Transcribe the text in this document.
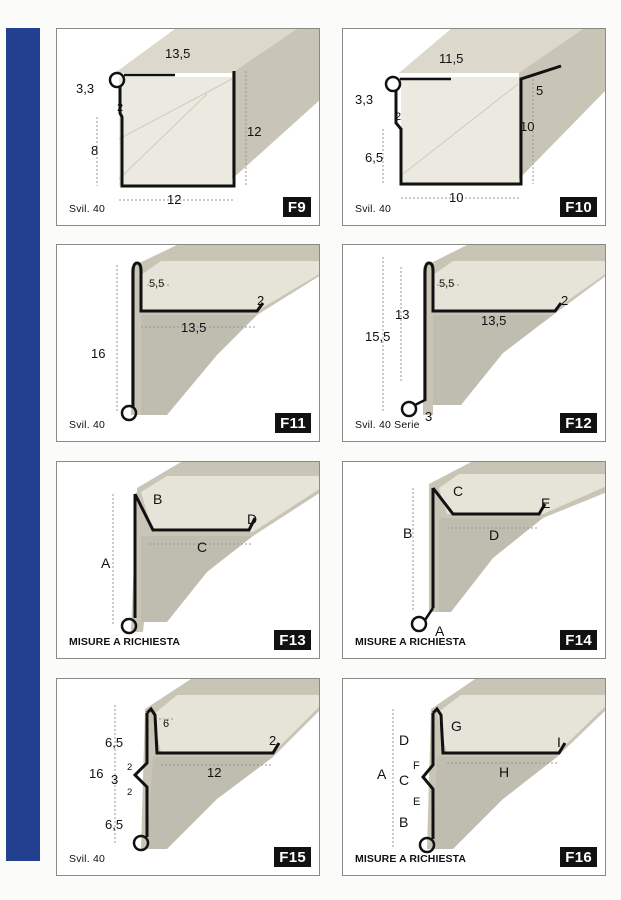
13,5
3,3
2
8
12
12
Svil. 40	F9
11,5
3,3
2
6,5
10
10
5
Svil. 40	F10
5,5
2
13,5
16
Svil. 40	F11
5,5
2
13	13,5
15,5
3
Svil. 40 Serie	F12
B
D
A
C
MISURE A RICHIESTA	F13
C
E
B	D
A
MISURE A RICHIESTA	F14
6,5
6
2
16 3
2
12
2
6,5
Svil. 40	F15
D
G
I
A F
C	H
E
B
MISURE A RICHIESTA	F16
